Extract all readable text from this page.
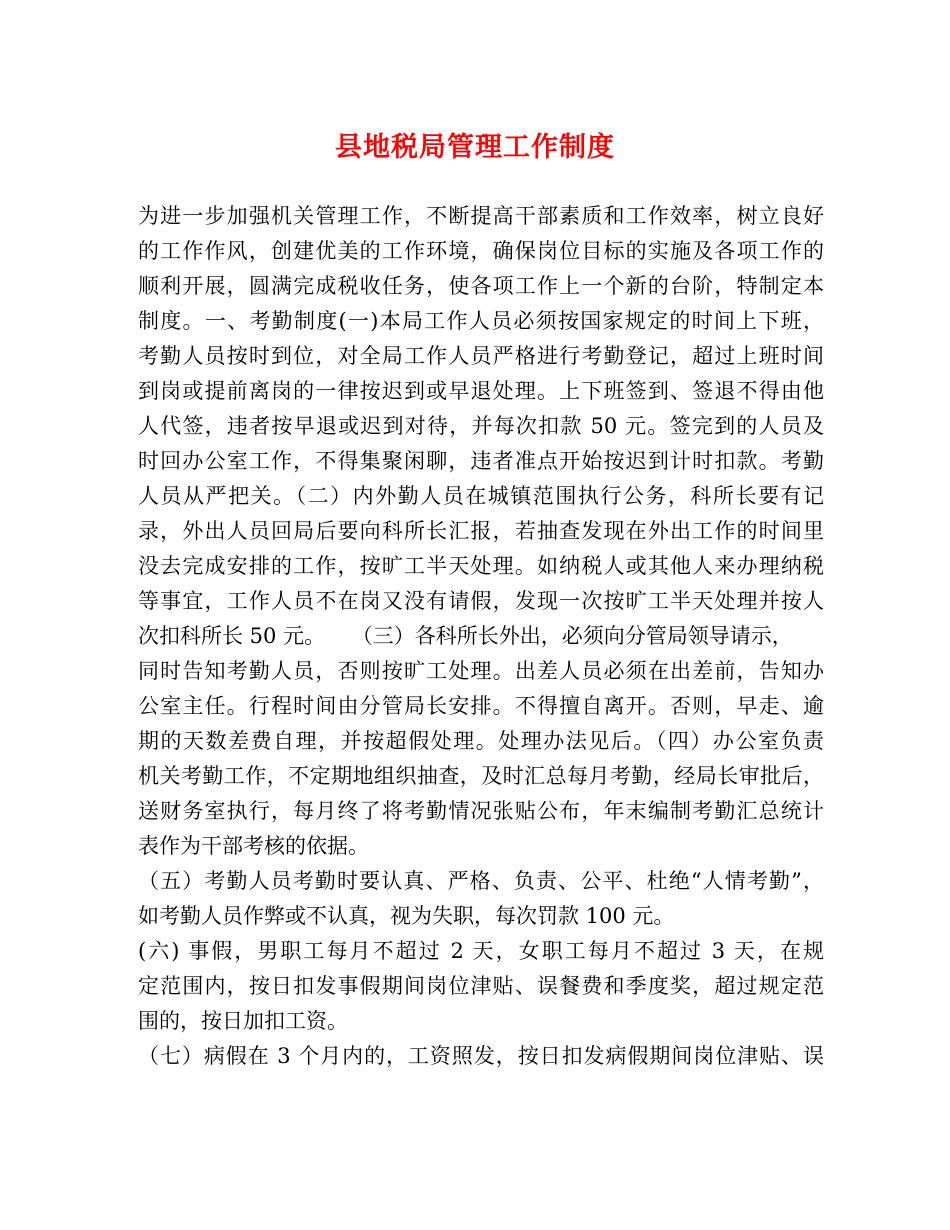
县地税局管理工作制度
为进一步加强机关管理工作，不断提高干部素质和工作效率，树立良好
的工作作风，创建优美的工作环境，确保岗位目标的实施及各项工作的
顺利开展，圆满完成税收任务，使各项工作上一个新的台阶，特制定本
制度。一、考勤制度(一)本局工作人员必须按国家规定的时间上下班，
考勤人员按时到位，对全局工作人员严格进行考勤登记，超过上班时间
到岗或提前离岗的一律按迟到或早退处理。上下班签到、签退不得由他
人代签，违者按早退或迟到对待，并每次扣款 50 元。签完到的人员及
时回办公室工作，不得集聚闲聊，违者准点开始按迟到计时扣款。考勤
人员从严把关。（二）内外勤人员在城镇范围执行公务，科所长要有记
录，外出人员回局后要向科所长汇报，若抽查发现在外出工作的时间里
没去完成安排的工作，按旷工半天处理。如纳税人或其他人来办理纳税
等事宜，工作人员不在岗又没有请假，发现一次按旷工半天处理并按人
次扣科所长 50 元。    （三）各科所长外出，必须向分管局领导请示，
同时告知考勤人员，否则按旷工处理。出差人员必须在出差前，告知办
公室主任。行程时间由分管局长安排。不得擅自离开。否则，早走、逾
期的天数差费自理，并按超假处理。处理办法见后。（四）办公室负责
机关考勤工作，不定期地组织抽查，及时汇总每月考勤，经局长审批后，
送财务室执行，每月终了将考勤情况张贴公布，年末编制考勤汇总统计
表作为干部考核的依据。
（五）考勤人员考勤时要认真、严格、负责、公平、杜绝“人情考勤”，
如考勤人员作弊或不认真，视为失职，每次罚款 100 元。
(六) 事假，男职工每月不超过 2 天，女职工每月不超过 3 天，在规
定范围内，按日扣发事假期间岗位津贴、误餐费和季度奖，超过规定范
围的，按日加扣工资。
（七）病假在 3 个月内的，工资照发，按日扣发病假期间岗位津贴、误
